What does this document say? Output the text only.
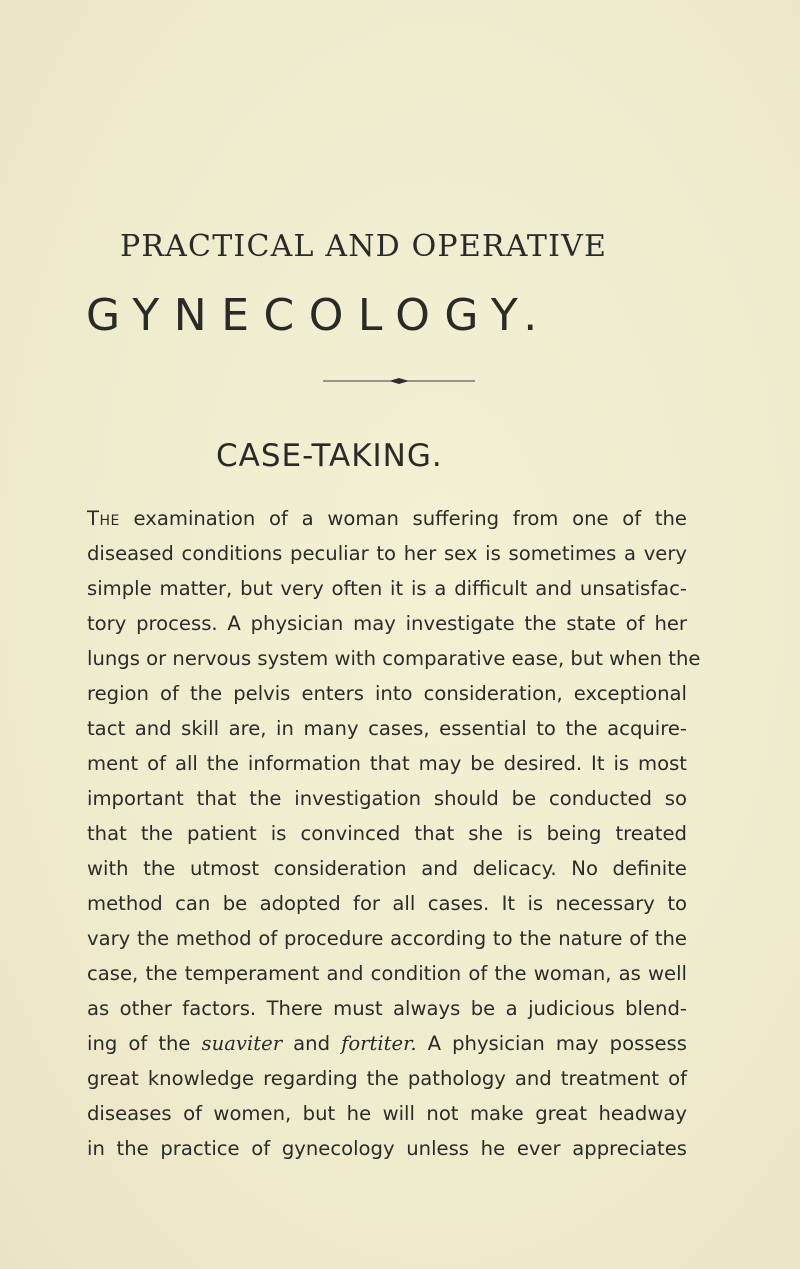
PRACTICAL AND OPERATIVE
GYNECOLOGY.
CASE-TAKING.
The examination of a woman suffering from one of the
diseased conditions peculiar to her sex is sometimes a very
simple matter, but very often it is a difficult and unsatisfac-
tory process. A physician may investigate the state of her
lungs or nervous system with comparative ease, but when the
region of the pelvis enters into consideration, exceptional
tact and skill are, in many cases, essential to the acquire-
ment of all the information that may be desired. It is most
important that the investigation should be conducted so
that the patient is convinced that she is being treated
with the utmost consideration and delicacy. No definite
method can be adopted for all cases. It is necessary to
vary the method of procedure according to the nature of the
case, the temperament and condition of the woman, as well
as other factors. There must always be a judicious blend-
ing of the suaviter and fortiter. A physician may possess
great knowledge regarding the pathology and treatment of
diseases of women, but he will not make great headway
in the practice of gynecology unless he ever appreciates
